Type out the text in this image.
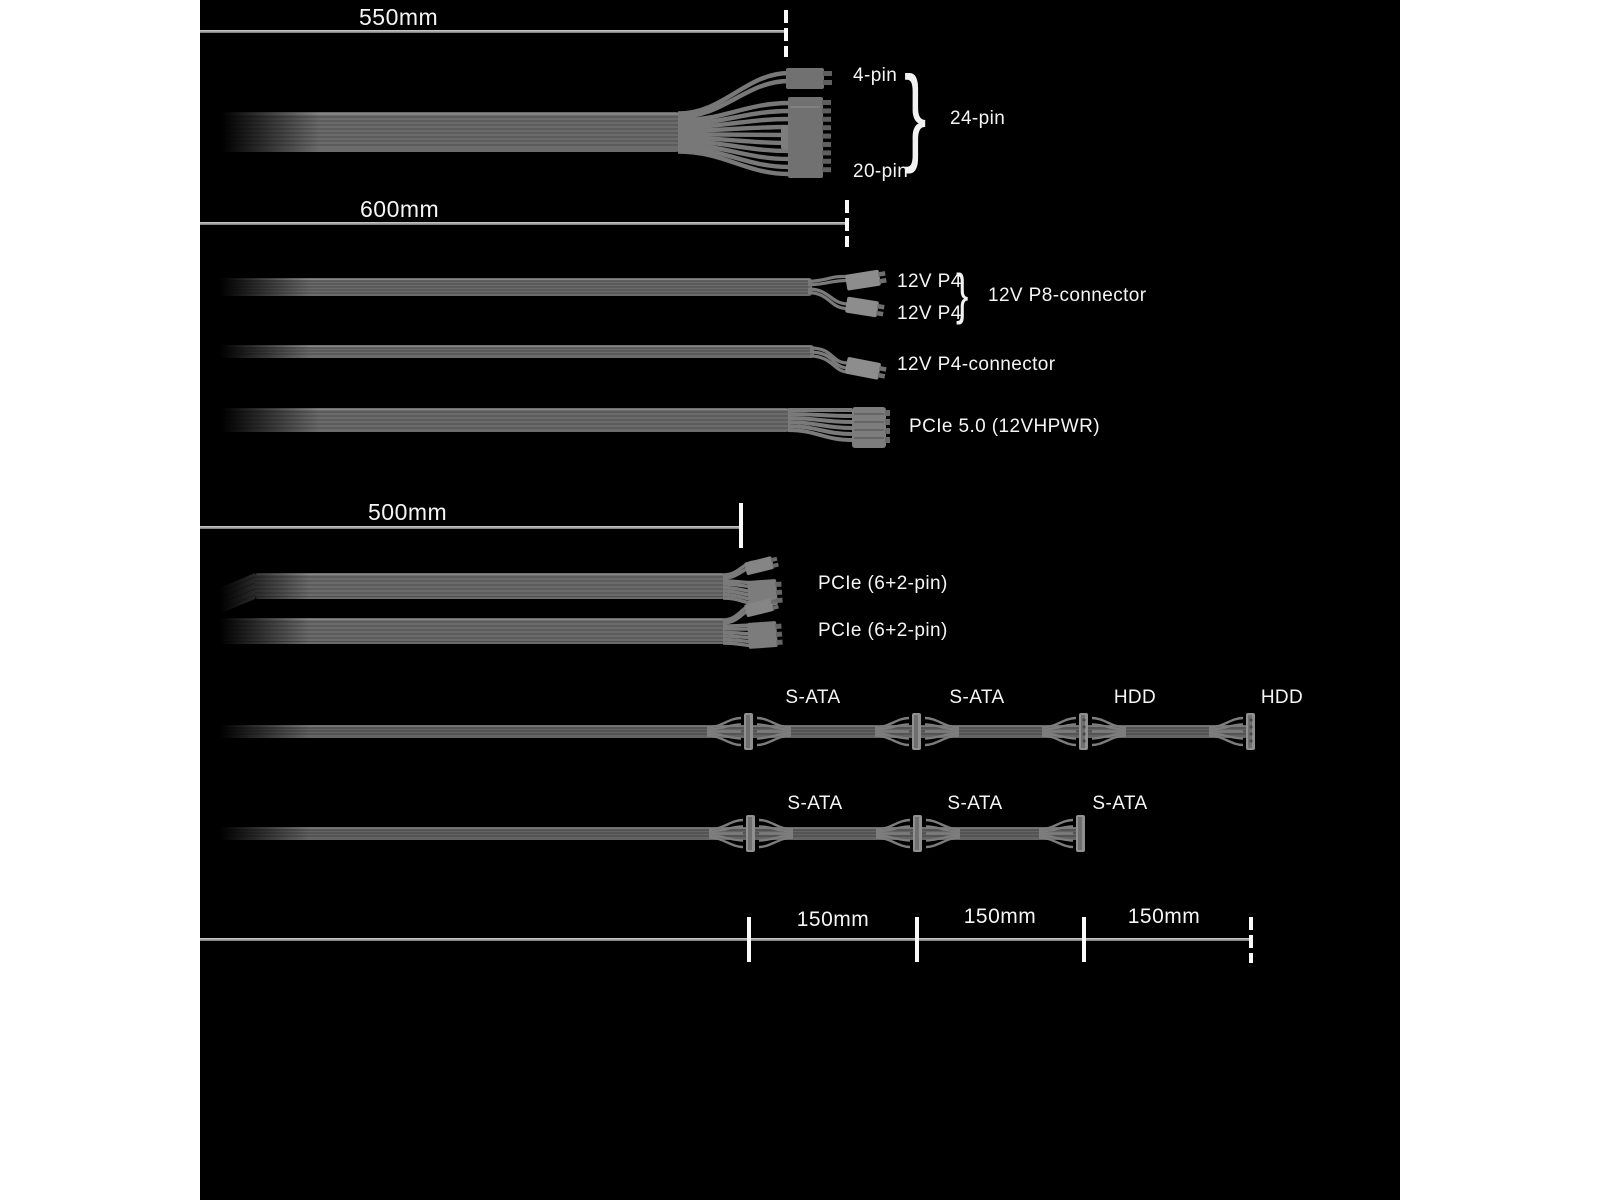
550mm
4-pin
20-pin
} 24-pin
600mm
12V P4
12V P4
} 12V P8-connector
12V P4-connector
PCIe 5.0 (12VHPWR)
500mm
PCIe (6+2-pin)
PCIe (6+2-pin)
S-ATA	S-ATA	HDD	HDD
S-ATA	S-ATA	S-ATA
150mm	150mm	150mm
